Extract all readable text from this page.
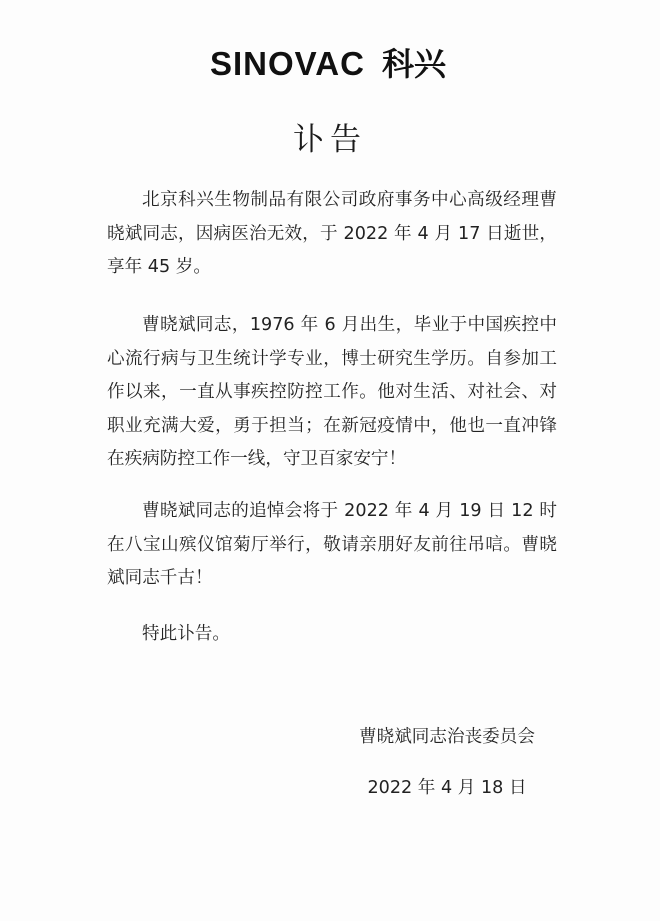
SINOVAC 科兴
讣告
北京科兴生物制品有限公司政府事务中心高级经理曹晓斌同志，因病医治无效，于 2022 年 4 月 17 日逝世，享年 45 岁。
曹晓斌同志，1976 年 6 月出生，毕业于中国疾控中心流行病与卫生统计学专业，博士研究生学历。自参加工作以来，一直从事疾控防控工作。他对生活、对社会、对职业充满大爱，勇于担当；在新冠疫情中，他也一直冲锋在疾病防控工作一线，守卫百家安宁！
曹晓斌同志的追悼会将于 2022 年 4 月 19 日 12 时在八宝山殡仪馆菊厅举行，敬请亲朋好友前往吊唁。曹晓斌同志千古！
特此讣告。
曹晓斌同志治丧委员会
2022 年 4 月 18 日
